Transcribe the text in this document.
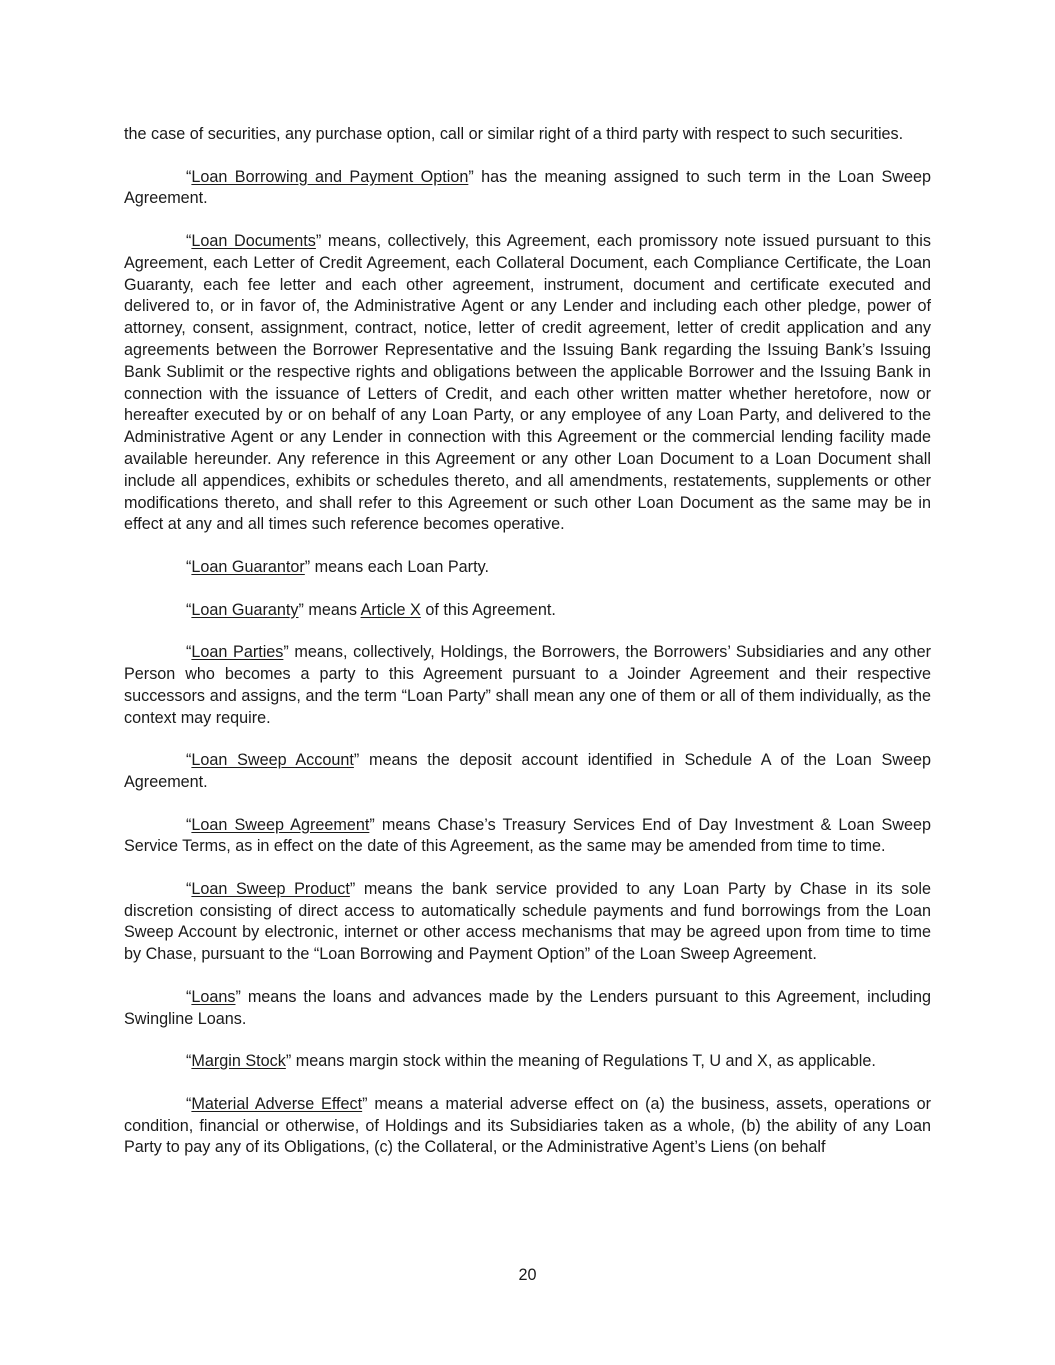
the case of securities, any purchase option, call or similar right of a third party with respect to such securities.

“Loan Borrowing and Payment Option” has the meaning assigned to such term in the Loan Sweep Agreement.

“Loan Documents” means, collectively, this Agreement, each promissory note issued pursuant to this Agreement, each Letter of Credit Agreement, each Collateral Document, each Compliance Certificate, the Loan Guaranty, each fee letter and each other agreement, instrument, document and certificate executed and delivered to, or in favor of, the Administrative Agent or any Lender and including each other pledge, power of attorney, consent, assignment, contract, notice, letter of credit agreement, letter of credit application and any agreements between the Borrower Representative and the Issuing Bank regarding the Issuing Bank’s Issuing Bank Sublimit or the respective rights and obligations between the applicable Borrower and the Issuing Bank in connection with the issuance of Letters of Credit, and each other written matter whether heretofore, now or hereafter executed by or on behalf of any Loan Party, or any employee of any Loan Party, and delivered to the Administrative Agent or any Lender in connection with this Agreement or the commercial lending facility made available hereunder. Any reference in this Agreement or any other Loan Document to a Loan Document shall include all appendices, exhibits or schedules thereto, and all amendments, restatements, supplements or other modifications thereto, and shall refer to this Agreement or such other Loan Document as the same may be in effect at any and all times such reference becomes operative.

“Loan Guarantor” means each Loan Party.

“Loan Guaranty” means Article X of this Agreement.

“Loan Parties” means, collectively, Holdings, the Borrowers, the Borrowers’ Subsidiaries and any other Person who becomes a party to this Agreement pursuant to a Joinder Agreement and their respective successors and assigns, and the term “Loan Party” shall mean any one of them or all of them individually, as the context may require.

“Loan Sweep Account” means the deposit account identified in Schedule A of the Loan Sweep Agreement.

“Loan Sweep Agreement” means Chase’s Treasury Services End of Day Investment & Loan Sweep Service Terms, as in effect on the date of this Agreement, as the same may be amended from time to time.

“Loan Sweep Product” means the bank service provided to any Loan Party by Chase in its sole discretion consisting of direct access to automatically schedule payments and fund borrowings from the Loan Sweep Account by electronic, internet or other access mechanisms that may be agreed upon from time to time by Chase, pursuant to the “Loan Borrowing and Payment Option” of the Loan Sweep Agreement.

“Loans” means the loans and advances made by the Lenders pursuant to this Agreement, including Swingline Loans.

“Margin Stock” means margin stock within the meaning of Regulations T, U and X, as applicable.

“Material Adverse Effect” means a material adverse effect on (a) the business, assets, operations or condition, financial or otherwise, of Holdings and its Subsidiaries taken as a whole, (b) the ability of any Loan Party to pay any of its Obligations, (c) the Collateral, or the Administrative Agent’s Liens (on behalf

20
